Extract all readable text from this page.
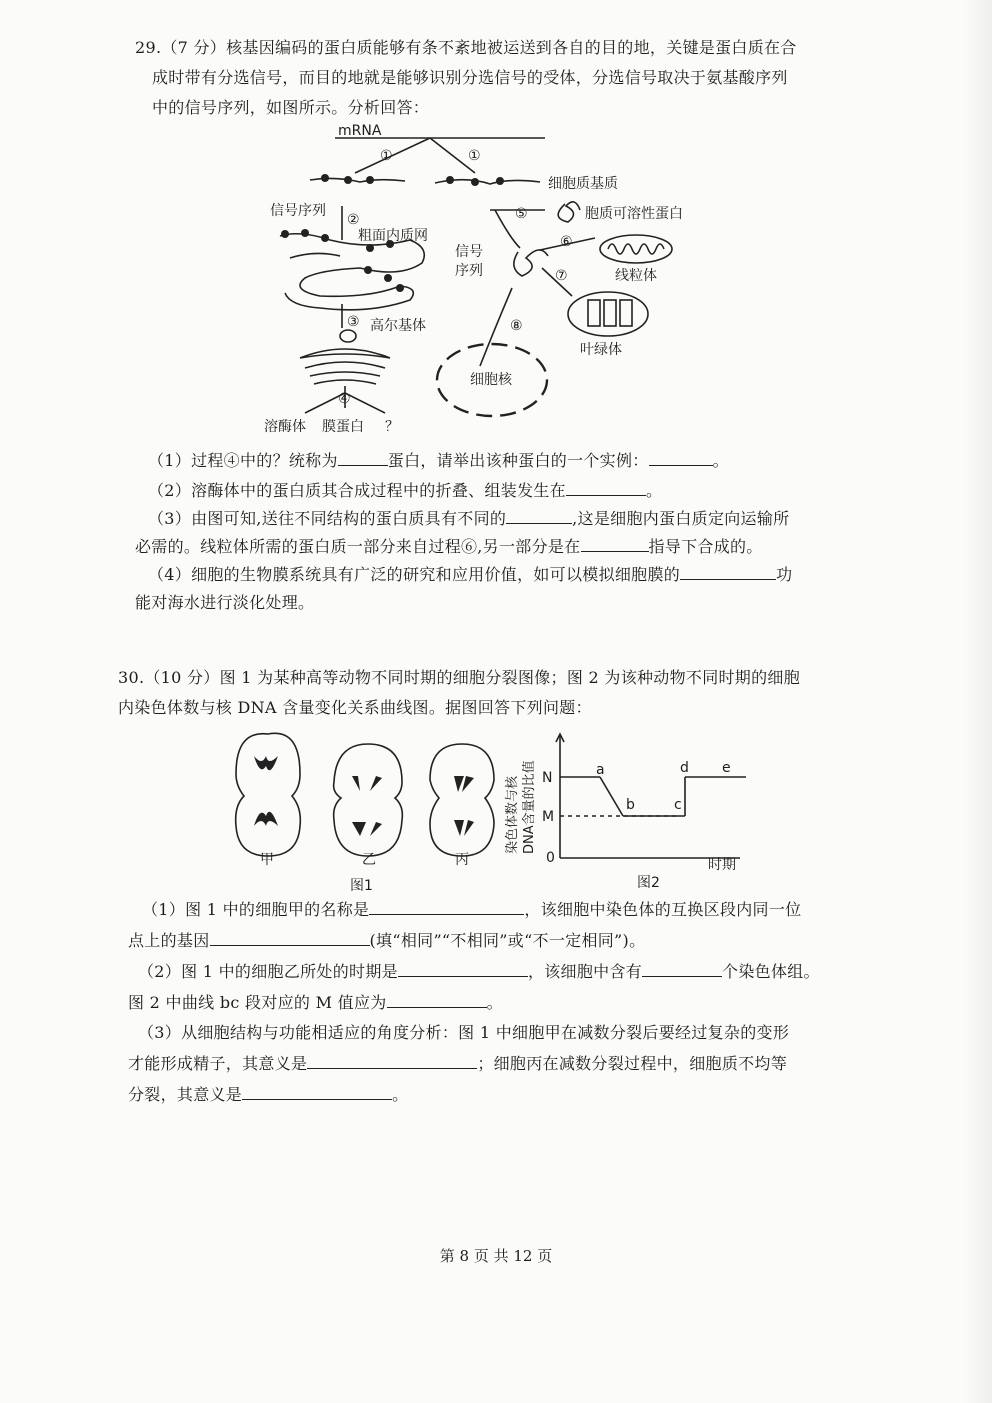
29.（7 分）核基因编码的蛋白质能够有条不紊地被运送到各自的目的地，关键是蛋白质在合
成时带有分选信号，而目的地就是能够识别分选信号的受体，分选信号取决于氨基酸序列
中的信号序列，如图所示。分析回答：
mRNA
①	①
信号序列
②
粗面内质网
③ 高尔基体
④
溶酶体 膜蛋白 ？
细胞质基质
⑤	胞质可溶性蛋白
信号
序列
⑥
线粒体
⑦
叶绿体
⑧
细胞核
（1）过程④中的？统称为	蛋白，请举出该种蛋白的一个实例：	。
（2）溶酶体中的蛋白质其合成过程中的折叠、组装发生在	。
（3）由图可知,送往不同结构的蛋白质具有不同的	,这是细胞内蛋白质定向运输所
必需的。线粒体所需的蛋白质一部分来自过程⑥,另一部分是在	指导下合成的。
（4）细胞的生物膜系统具有广泛的研究和应用价值，如可以模拟细胞膜的	功
能对海水进行淡化处理。
30.（10 分）图 1 为某种高等动物不同时期的细胞分裂图像；图 2 为该种动物不同时期的细胞
内染色体数与核 DNA 含量变化关系曲线图。据图回答下列问题：
甲	乙	丙
图1
N
M
0	时期
图2
a
b	c
d e
染色体数与核 DNA含量的比值
（1）图 1 中的细胞甲的名称是	，该细胞中染色体的互换区段内同一位
点上的基因	(填“相同”“不相同”或“不一定相同”)。
（2）图 1 中的细胞乙所处的时期是	，该细胞中含有	个染色体组。
图 2 中曲线 bc 段对应的 M 值应为	。
（3）从细胞结构与功能相适应的角度分析：图 1 中细胞甲在减数分裂后要经过复杂的变形
才能形成精子，其意义是	；细胞丙在减数分裂过程中，细胞质不均等
分裂，其意义是	。
第 8 页 共 12 页
